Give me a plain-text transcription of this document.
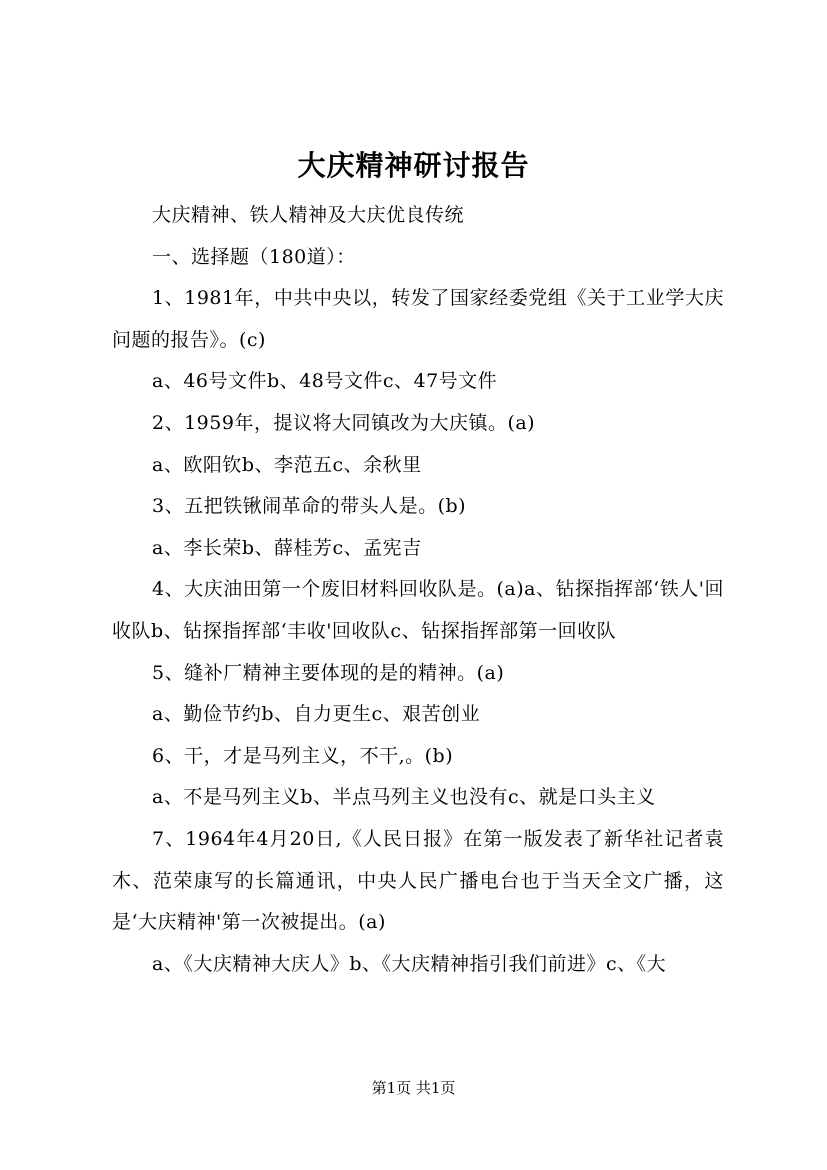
大庆精神研讨报告

大庆精神、铁人精神及大庆优良传统

一、选择题（180道）：

1、1981年，中共中央以，转发了国家经委党组《关于工业学大庆问题的报告》。(c)

a、46号文件b、48号文件c、47号文件

2、1959年，提议将大同镇改为大庆镇。(a)

a、欧阳钦b、李范五c、余秋里

3、五把铁锹闹革命的带头人是。(b)

a、李长荣b、薛桂芳c、孟宪吉

4、大庆油田第一个废旧材料回收队是。(a)a、钻探指挥部‘铁人'回收队b、钻探指挥部‘丰收'回收队c、钻探指挥部第一回收队

5、缝补厂精神主要体现的是的精神。(a)

a、勤俭节约b、自力更生c、艰苦创业

6、干，才是马列主义，不干,。(b)

a、不是马列主义b、半点马列主义也没有c、就是口头主义

7、1964年4月20日,《人民日报》在第一版发表了新华社记者袁木、范荣康写的长篇通讯，中央人民广播电台也于当天全文广播，这是‘大庆精神'第一次被提出。(a)

a、《大庆精神大庆人》b、《大庆精神指引我们前进》c、《大

第1页 共1页
